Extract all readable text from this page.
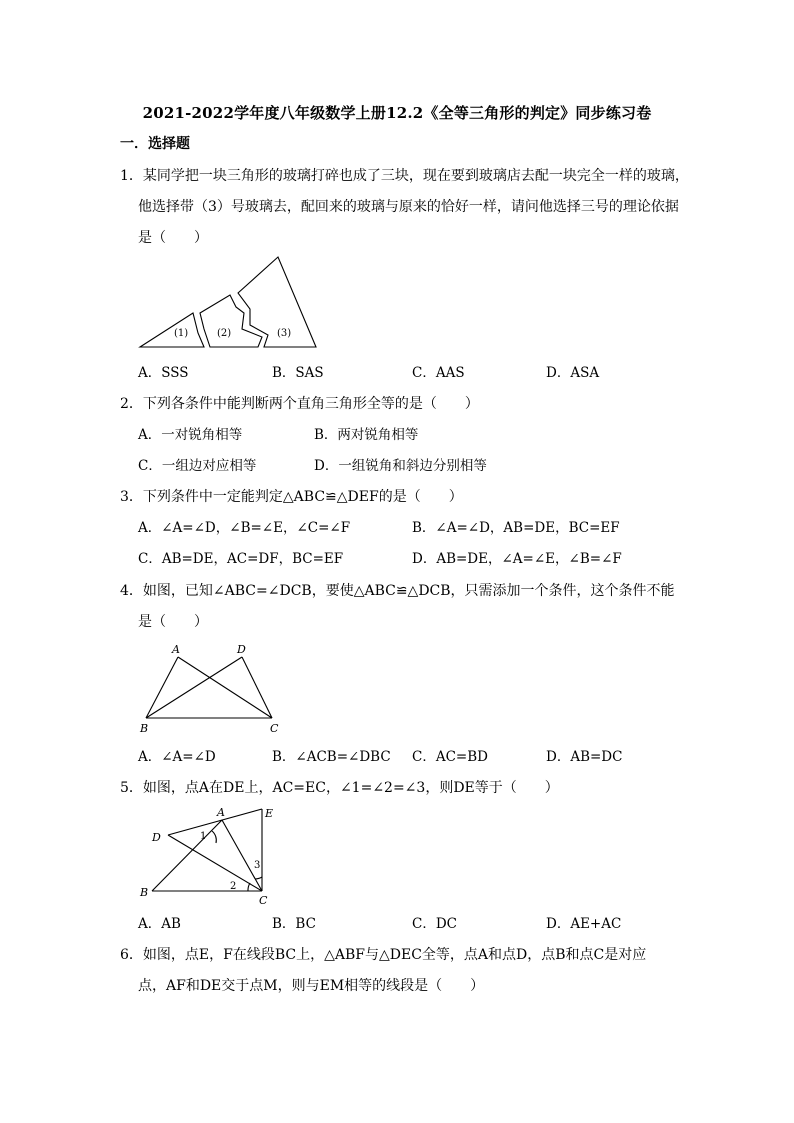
2021-2022学年度八年级数学上册12.2《全等三角形的判定》同步练习卷
一．选择题
1．某同学把一块三角形的玻璃打碎也成了三块，现在要到玻璃店去配一块完全一样的玻璃，
他选择带（3）号玻璃去，配回来的玻璃与原来的恰好一样，请问他选择三号的理论依据
是（　　）
(1)	(2)	(3)
A．SSS	B．SAS	C．AAS	D．ASA
2．下列各条件中能判断两个直角三角形全等的是（　　）
A．一对锐角相等	B．两对锐角相等
C．一组边对应相等	D．一组锐角和斜边分别相等
3．下列条件中一定能判定△ABC≌△DEF的是（　　）
A．∠A=∠D，∠B=∠E，∠C=∠F	B．∠A=∠D，AB=DE，BC=EF
C．AB=DE，AC=DF，BC=EF	D．AB=DE，∠A=∠E，∠B=∠F
4．如图，已知∠ABC=∠DCB，要使△ABC≌△DCB，只需添加一个条件，这个条件不能
是（　　）
A	D
B	C
A．∠A=∠D	B．∠ACB=∠DBC C．AC=BD	D．AB=DC
5．如图，点A在DE上，AC=EC，∠1=∠2=∠3，则DE等于（　　）
A	E
D	1
3
B	2
C
A．AB	B．BC	C．DC	D．AE+AC
6．如图，点E，F在线段BC上，△ABF与△DEC全等，点A和点D，点B和点C是对应
点，AF和DE交于点M，则与EM相等的线段是（　　）
